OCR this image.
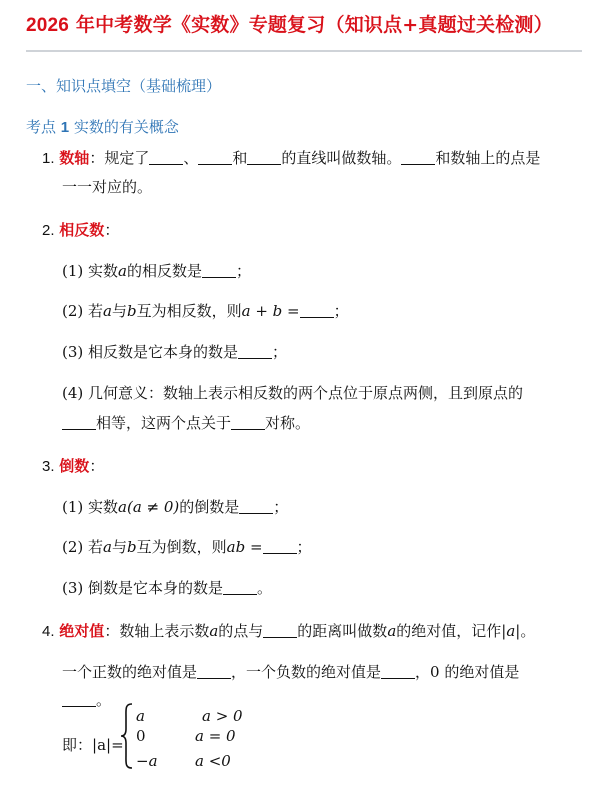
2026 年中考数学《实数》专题复习（知识点+真题过关检测）
一、知识点填空（基础梳理）
考点 1 实数的有关概念
1. 数轴：规定了 、 和 的直线叫做数轴。 和数轴上的点是
一一对应的。
2. 相反数：
(1) 实数a的相反数是 ；
(2) 若a与b互为相反数，则a + b = ；
(3) 相反数是它本身的数是 ；
(4) 几何意义：数轴上表示相反数的两个点位于原点两侧，且到原点的
相等，这两个点关于 对称。
3. 倒数：
(1) 实数a(a ≠ 0)的倒数是 ；
(2) 若a与b互为倒数，则ab = ；
(3) 倒数是它本身的数是 。
4. 绝对值：数轴上表示数a的点与 的距离叫做数a的绝对值，记作|a|。
一个正数的绝对值是 ，一个负数的绝对值是 ，0 的绝对值是
。
即：|a|=
a	a > 0
0	a = 0
−a a <0
